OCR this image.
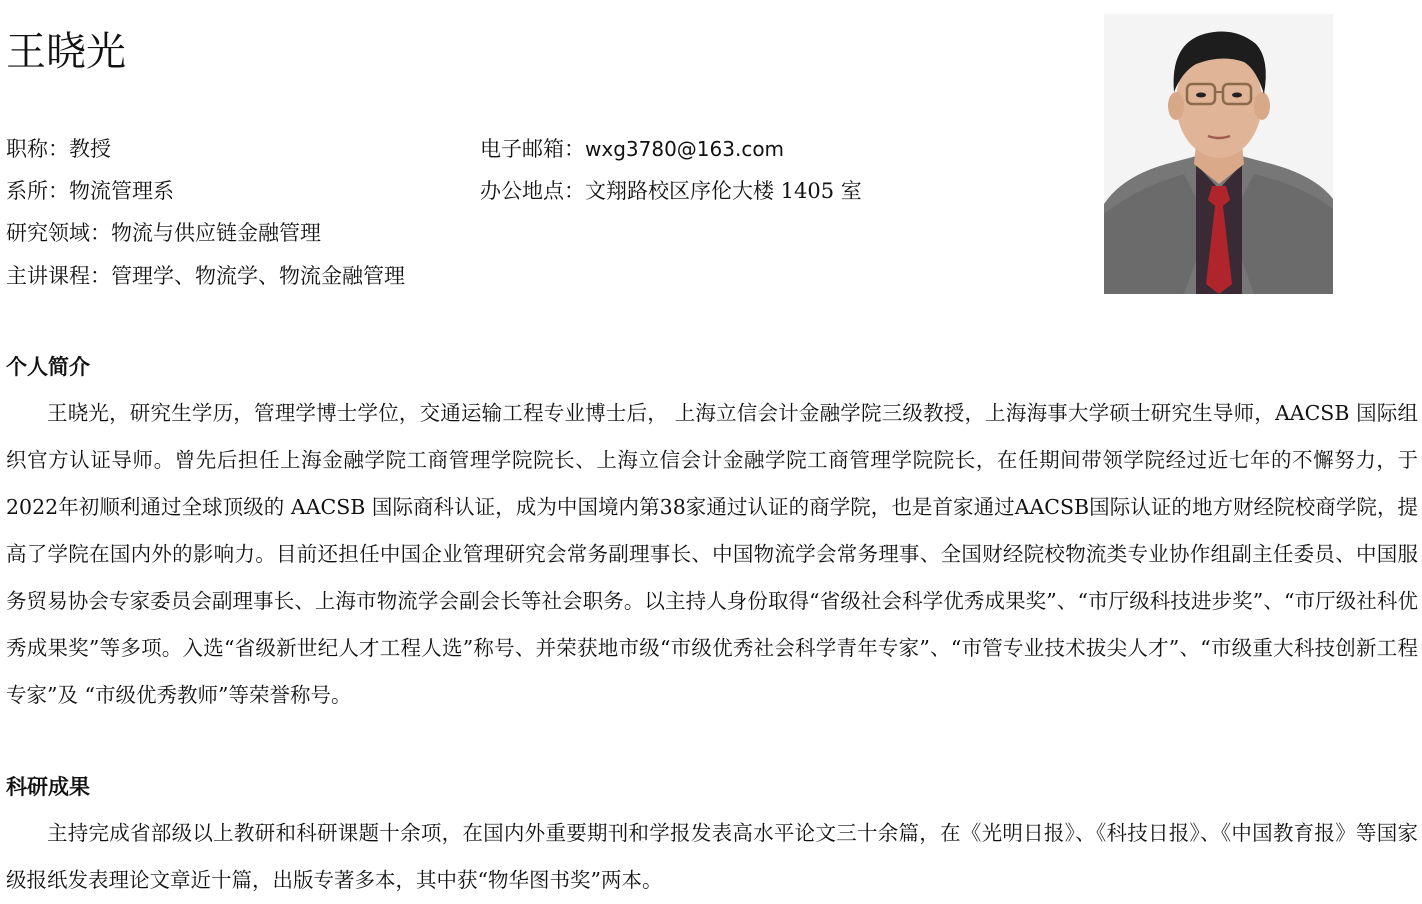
王晓光
职称：教授
系所：物流管理系
研究领域：物流与供应链金融管理
主讲课程：管理学、物流学、物流金融管理
电子邮箱：wxg3780@163.com
办公地点：文翔路校区序伦大楼 1405 室
个人简介

王晓光，研究生学历，管理学博士学位，交通运输工程专业博士后， 上海立信会计金融学院三级教授，上海海事大学硕士研究生导师，AACSB 国际组织官方认证导师。曾先后担任上海金融学院工商管理学院院长、上海立信会计金融学院工商管理学院院长，在任期间带领学院经过近七年的不懈努力，于2022年初顺利通过全球顶级的 AACSB 国际商科认证，成为中国境内第38家通过认证的商学院，也是首家通过AACSB国际认证的地方财经院校商学院，提高了学院在国内外的影响力。目前还担任中国企业管理研究会常务副理事长、中国物流学会常务理事、全国财经院校物流类专业协作组副主任委员、中国服务贸易协会专家委员会副理事长、上海市物流学会副会长等社会职务。以主持人身份取得“省级社会科学优秀成果奖”、“市厅级科技进步奖”、“市厅级社科优秀成果奖”等多项。入选“省级新世纪人才工程人选”称号、并荣获地市级“市级优秀社会科学青年专家”、“市管专业技术拔尖人才”、“市级重大科技创新工程专家”及 “市级优秀教师”等荣誉称号。

科研成果

主持完成省部级以上教研和科研课题十余项，在国内外重要期刊和学报发表高水平论文三十余篇，在《光明日报》、《科技日报》、《中国教育报》等国家级报纸发表理论文章近十篇，出版专著多本，其中获“物华图书奖”两本。
